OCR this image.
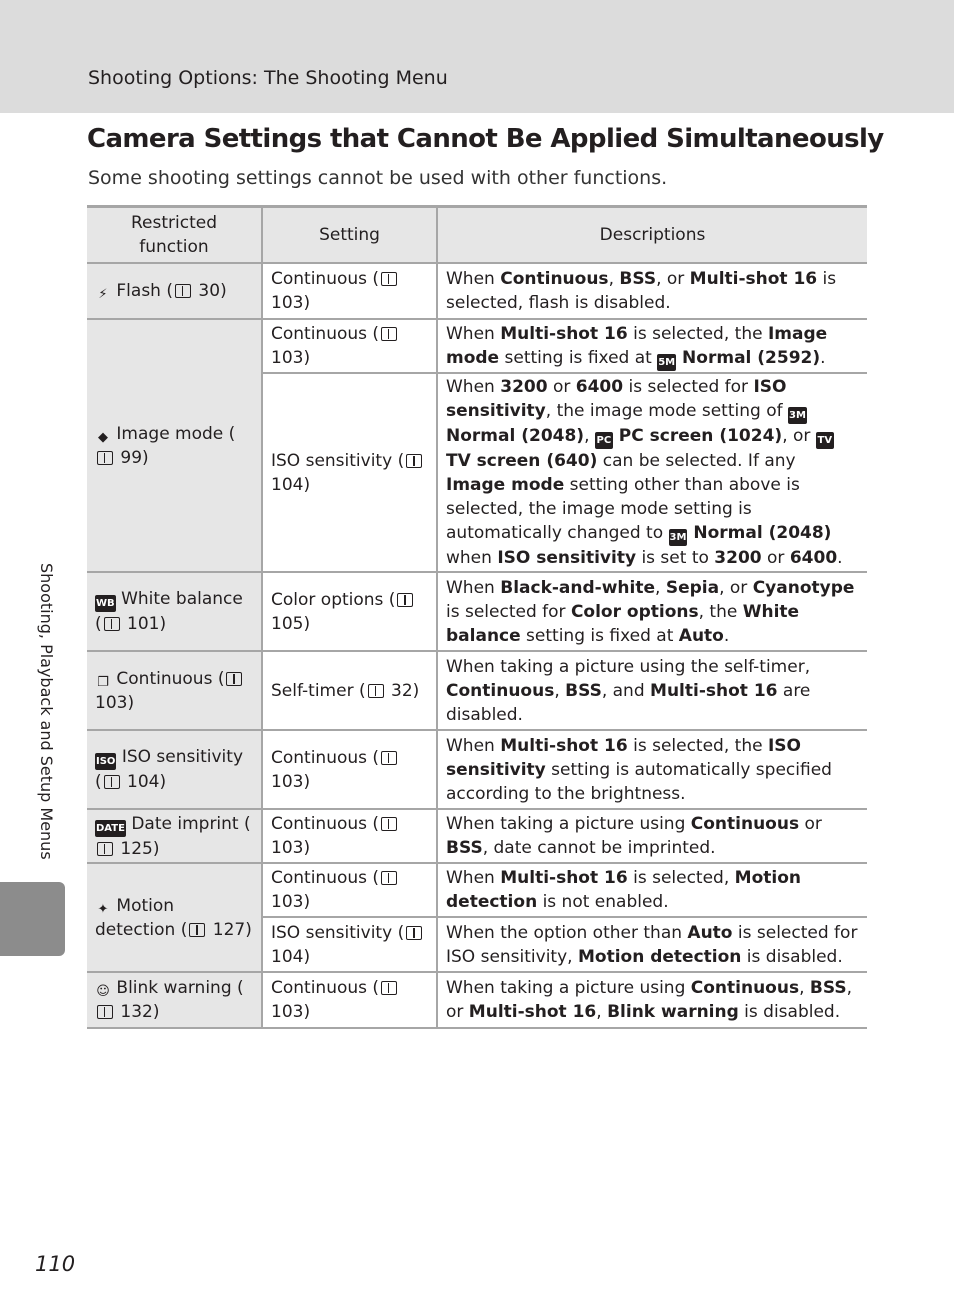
Shooting Options: The Shooting Menu
Camera Settings that Cannot Be Applied Simultaneously

Some shooting settings cannot be used with other functions.

Restricted function	Setting	Descriptions
⚡ Flash ( 30)	Continuous ( 103)	When Continuous, BSS, or Multi-shot 16 is selected, flash is disabled.
◆ Image mode ( 99)	Continuous ( 103)	When Multi-shot 16 is selected, the Image mode setting is fixed at 5M Normal (2592).
	ISO sensitivity ( 104)	When 3200 or 6400 is selected for ISO sensitivity, the image mode setting of 3M Normal (2048), PC PC screen (1024), or TV TV screen (640) can be selected. If any Image mode setting other than above is selected, the image mode setting is automatically changed to 3M Normal (2048) when ISO sensitivity is set to 3200 or 6400.
WB White balance ( 101)	Color options ( 105)	When Black-and-white, Sepia, or Cyanotype is selected for Color options, the White balance setting is fixed at Auto.
❐ Continuous ( 103)	Self-timer ( 32)	When taking a picture using the self-timer, Continuous, BSS, and Multi-shot 16 are disabled.
ISO ISO sensitivity ( 104)	Continuous ( 103)	When Multi-shot 16 is selected, the ISO sensitivity setting is automatically specified according to the brightness.
DATE Date imprint ( 125)	Continuous ( 103)	When taking a picture using Continuous or BSS, date cannot be imprinted.
✦ Motion detection ( 127)	Continuous ( 103)	When Multi-shot 16 is selected, Motion detection is not enabled.
	ISO sensitivity ( 104)	When the option other than Auto is selected for ISO sensitivity, Motion detection is disabled.
☺ Blink warning ( 132)	Continuous ( 103)	When taking a picture using Continuous, BSS, or Multi-shot 16, Blink warning is disabled.
Shooting, Playback and Setup Menus
110
